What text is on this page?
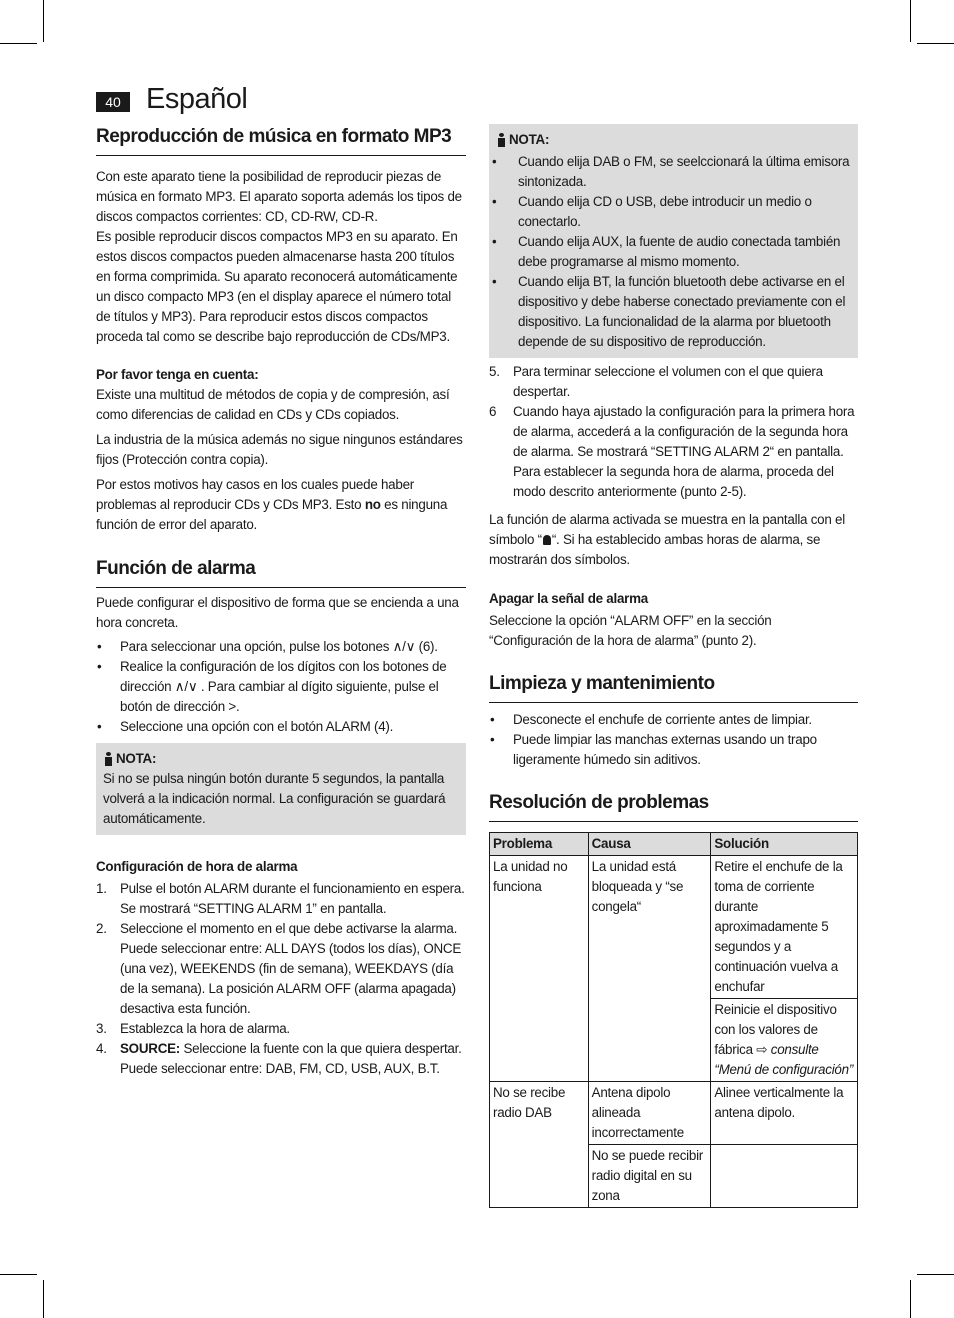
40 Español
Reproducción de música en formato MP3

Con este aparato tiene la posibilidad de reproducir piezas de música en formato MP3. El aparato soporta además los tipos de discos compactos corrientes: CD, CD-RW, CD-R.

Es posible reproducir discos compactos MP3 en su aparato. En estos discos compactos pueden almacenarse hasta 200 títulos en forma comprimida. Su aparato reconocerá automáticamente un disco compacto MP3 (en el display aparece el número total de títulos y MP3). Para reproducir estos discos compactos proceda tal como se describe bajo reproducción de CDs/MP3.

Por favor tenga en cuenta:

Existe una multitud de métodos de copia y de compresión, así como diferencias de calidad en CDs y CDs copiados.

La industria de la música además no sigue ningunos estándares fijos (Protección contra copia).

Por estos motivos hay casos en los cuales puede haber problemas al reproducir CDs y CDs MP3. Esto no es ninguna función de error del aparato.

Función de alarma

Puede configurar el dispositivo de forma que se encienda a una hora concreta.

• Para seleccionar una opción, pulse los botones ∧/∨ (6).
• Realice la configuración de los dígitos con los botones de dirección ∧/∨ . Para cambiar al dígito siguiente, pulse el botón de dirección >.
• Seleccione una opción con el botón ALARM (4).
NOTA:

Si no se pulsa ningún botón durante 5 segundos, la pantalla volverá a la indicación normal. La configuración se guardará automáticamente.

Configuración de hora de alarma
1. Pulse el botón ALARM durante el funcionamiento en espera. Se mostrará “SETTING ALARM 1” en pantalla.
2. Seleccione el momento en el que debe activarse la alarma. Puede seleccionar entre: ALL DAYS (todos los días), ONCE (una vez), WEEKENDS (fin de semana), WEEKDAYS (día de la semana). La posición ALARM OFF (alarma apagada) desactiva esta función.
3. Establezca la hora de alarma.
4. SOURCE: Seleccione la fuente con la que quiera despertar. Puede seleccionar entre: DAB, FM, CD, USB, AUX, B.T.
NOTA:
• Cuando elija DAB o FM, se seelccionará la última emisora sintonizada.
• Cuando elija CD o USB, debe introducir un medio o conectarlo.
• Cuando elija AUX, la fuente de audio conectada también debe programarse al mismo momento.
• Cuando elija BT, la función bluetooth debe activarse en el dispositivo y debe haberse conectado previamente con el dispositivo. La funcionalidad de la alarma por bluetooth depende de su dispositivo de reproducción.
5. Para terminar seleccione el volumen con el que quiera despertar.
6 Cuando haya ajustado la configuración para la primera hora de alarma, accederá a la configuración de la segunda hora de alarma. Se mostrará “SETTING ALARM 2“ en pantalla. Para establecer la segunda hora de alarma, proceda del modo descrito anteriormente (punto 2-5).

La función de alarma activada se muestra en la pantalla con el símbolo “ “. Si ha establecido ambas horas de alarma, se mostrarán dos símbolos.

Apagar la señal de alarma

Seleccione la opción “ALARM OFF” en la sección “Configuración de la hora de alarma” (punto 2).

Limpieza y mantenimiento
• Desconecte el enchufe de corriente antes de limpiar.
• Puede limpiar las manchas externas usando un trapo ligeramente húmedo sin aditivos.
Resolución de problemas
Problema	Causa	Solución
La unidad no funciona	La unidad está bloqueada y “se congela“	Retire el enchufe de la toma de corriente durante aproximadamente 5 segundos y a continuación vuelva a enchufar
		Reinicie el dispositivo con los valores de fábrica ⇨ consulte “Menú de configuración”
No se recibe radio DAB	Antena dipolo alineada incorrectamente	Alinee verticalmente la antena dipolo.
	No se puede recibir radio digital en su zona	
